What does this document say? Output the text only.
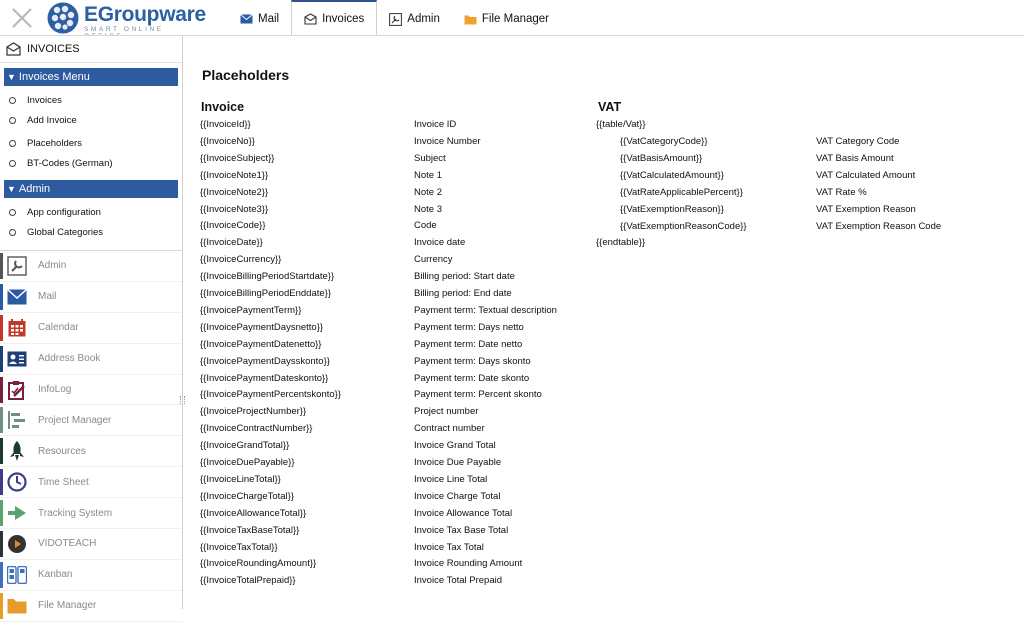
EGroupware
SMART ONLINE
Mail	Invoices	Admin	File Manager
INVOICES
▼ Invoices Menu
Invoices
Add Invoice
Placeholders
BT-Codes (German)
▼ Admin
App configuration
Global Categories
Admin
Mail
Calendar
Address Book
InfoLog
Project Manager
Resources
Time Sheet
Tracking System
VIDOTEACH
Kanban
File Manager
Placeholders
Invoice
{{InvoiceId}}	Invoice ID
{{InvoiceNo}}	Invoice Number
{{InvoiceSubject}}	Subject
{{InvoiceNote1}}	Note 1
{{InvoiceNote2}}	Note 2
{{InvoiceNote3}}	Note 3
{{InvoiceCode}}	Code
{{InvoiceDate}}	Invoice date
{{InvoiceCurrency}}	Currency
{{InvoiceBillingPeriodStartdate}}	Billing period: Start date
{{InvoiceBillingPeriodEnddate}}	Billing period: End date
{{InvoicePaymentTerm}}	Payment term: Textual description
{{InvoicePaymentDaysnetto}}	Payment term: Days netto
{{InvoicePaymentDatenetto}}	Payment term: Date netto
{{InvoicePaymentDaysskonto}}	Payment term: Days skonto
{{InvoicePaymentDateskonto}}	Payment term: Date skonto
{{InvoicePaymentPercentskonto}}	Payment term: Percent skonto
{{InvoiceProjectNumber}}	Project number
{{InvoiceContractNumber}}	Contract number
{{InvoiceGrandTotal}}	Invoice Grand Total
{{InvoiceDuePayable}}	Invoice Due Payable
{{InvoiceLineTotal}}	Invoice Line Total
{{InvoiceChargeTotal}}	Invoice Charge Total
{{InvoiceAllowanceTotal}}	Invoice Allowance Total
{{InvoiceTaxBaseTotal}}	Invoice Tax Base Total
{{InvoiceTaxTotal}}	Invoice Tax Total
{{InvoiceRoundingAmount}}	Invoice Rounding Amount
{{InvoiceTotalPrepaid}}	Invoice Total Prepaid
VAT
{{table/Vat}}
{{VatCategoryCode}}	VAT Category Code
{{VatBasisAmount}}	VAT Basis Amount
{{VatCalculatedAmount}}	VAT Calculated Amount
{{VatRateApplicablePercent}}	VAT Rate %
{{VatExemptionReason}}	VAT Exemption Reason
{{VatExemptionReasonCode}}	VAT Exemption Reason Code
{{endtable}}
